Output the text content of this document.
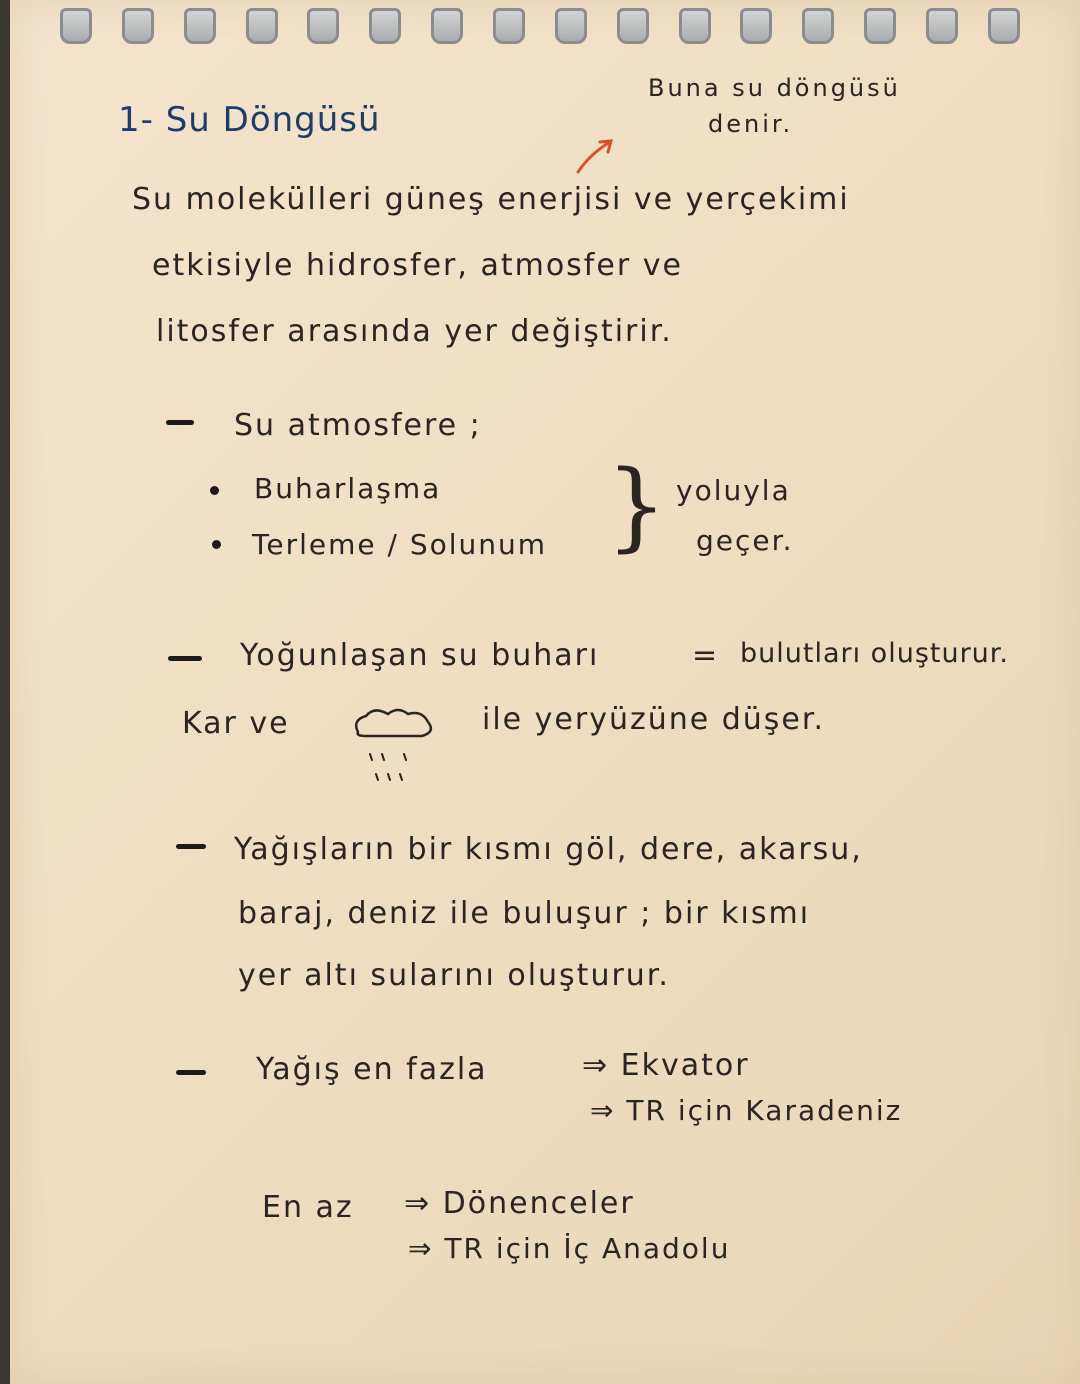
1- Su Döngüsü
Buna su döngüsü
denir.
Su molekülleri güneş enerjisi ve yerçekimi
etkisiyle hidrosfer, atmosfer ve
litosfer arasında yer değiştirir.
Su atmosfere ;
Buharlaşma
Terleme / Solunum } yoluyla
geçer.
Yoğunlaşan su buharı	= bulutları oluşturur.
Kar ve	ile yeryüzüne düşer.
Yağışların bir kısmı göl, dere, akarsu,
baraj, deniz ile buluşur ; bir kısmı
yer altı sularını oluşturur.
Yağış en fazla	⇒ Ekvator
⇒ TR için Karadeniz
En az ⇒ Dönenceler
⇒ TR için İç Anadolu
